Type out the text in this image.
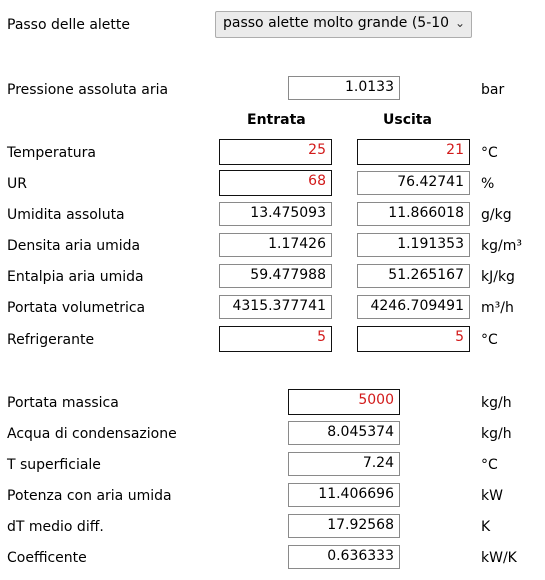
Passo delle alette	passo alette molto grande (5-10 ⌄
Pressione assoluta aria	1.0133	bar
Entrata	Uscita
Temperatura	25	21	°C
UR	68	76.42741	%
Umidita assoluta	13.475093	11.866018	g/kg
Densita aria umida	1.17426	1.191353	kg/m³
Entalpia aria umida	59.477988	51.265167	kJ/kg
Portata volumetrica	4315.377741	4246.709491	m³/h
Refrigerante	5	5	°C
Portata massica	5000	kg/h
Acqua di condensazione	8.045374	kg/h
T superficiale	7.24	°C
Potenza con aria umida	11.406696	kW
dT medio diff.	17.92568	K
Coefficente	0.636333	kW/K
